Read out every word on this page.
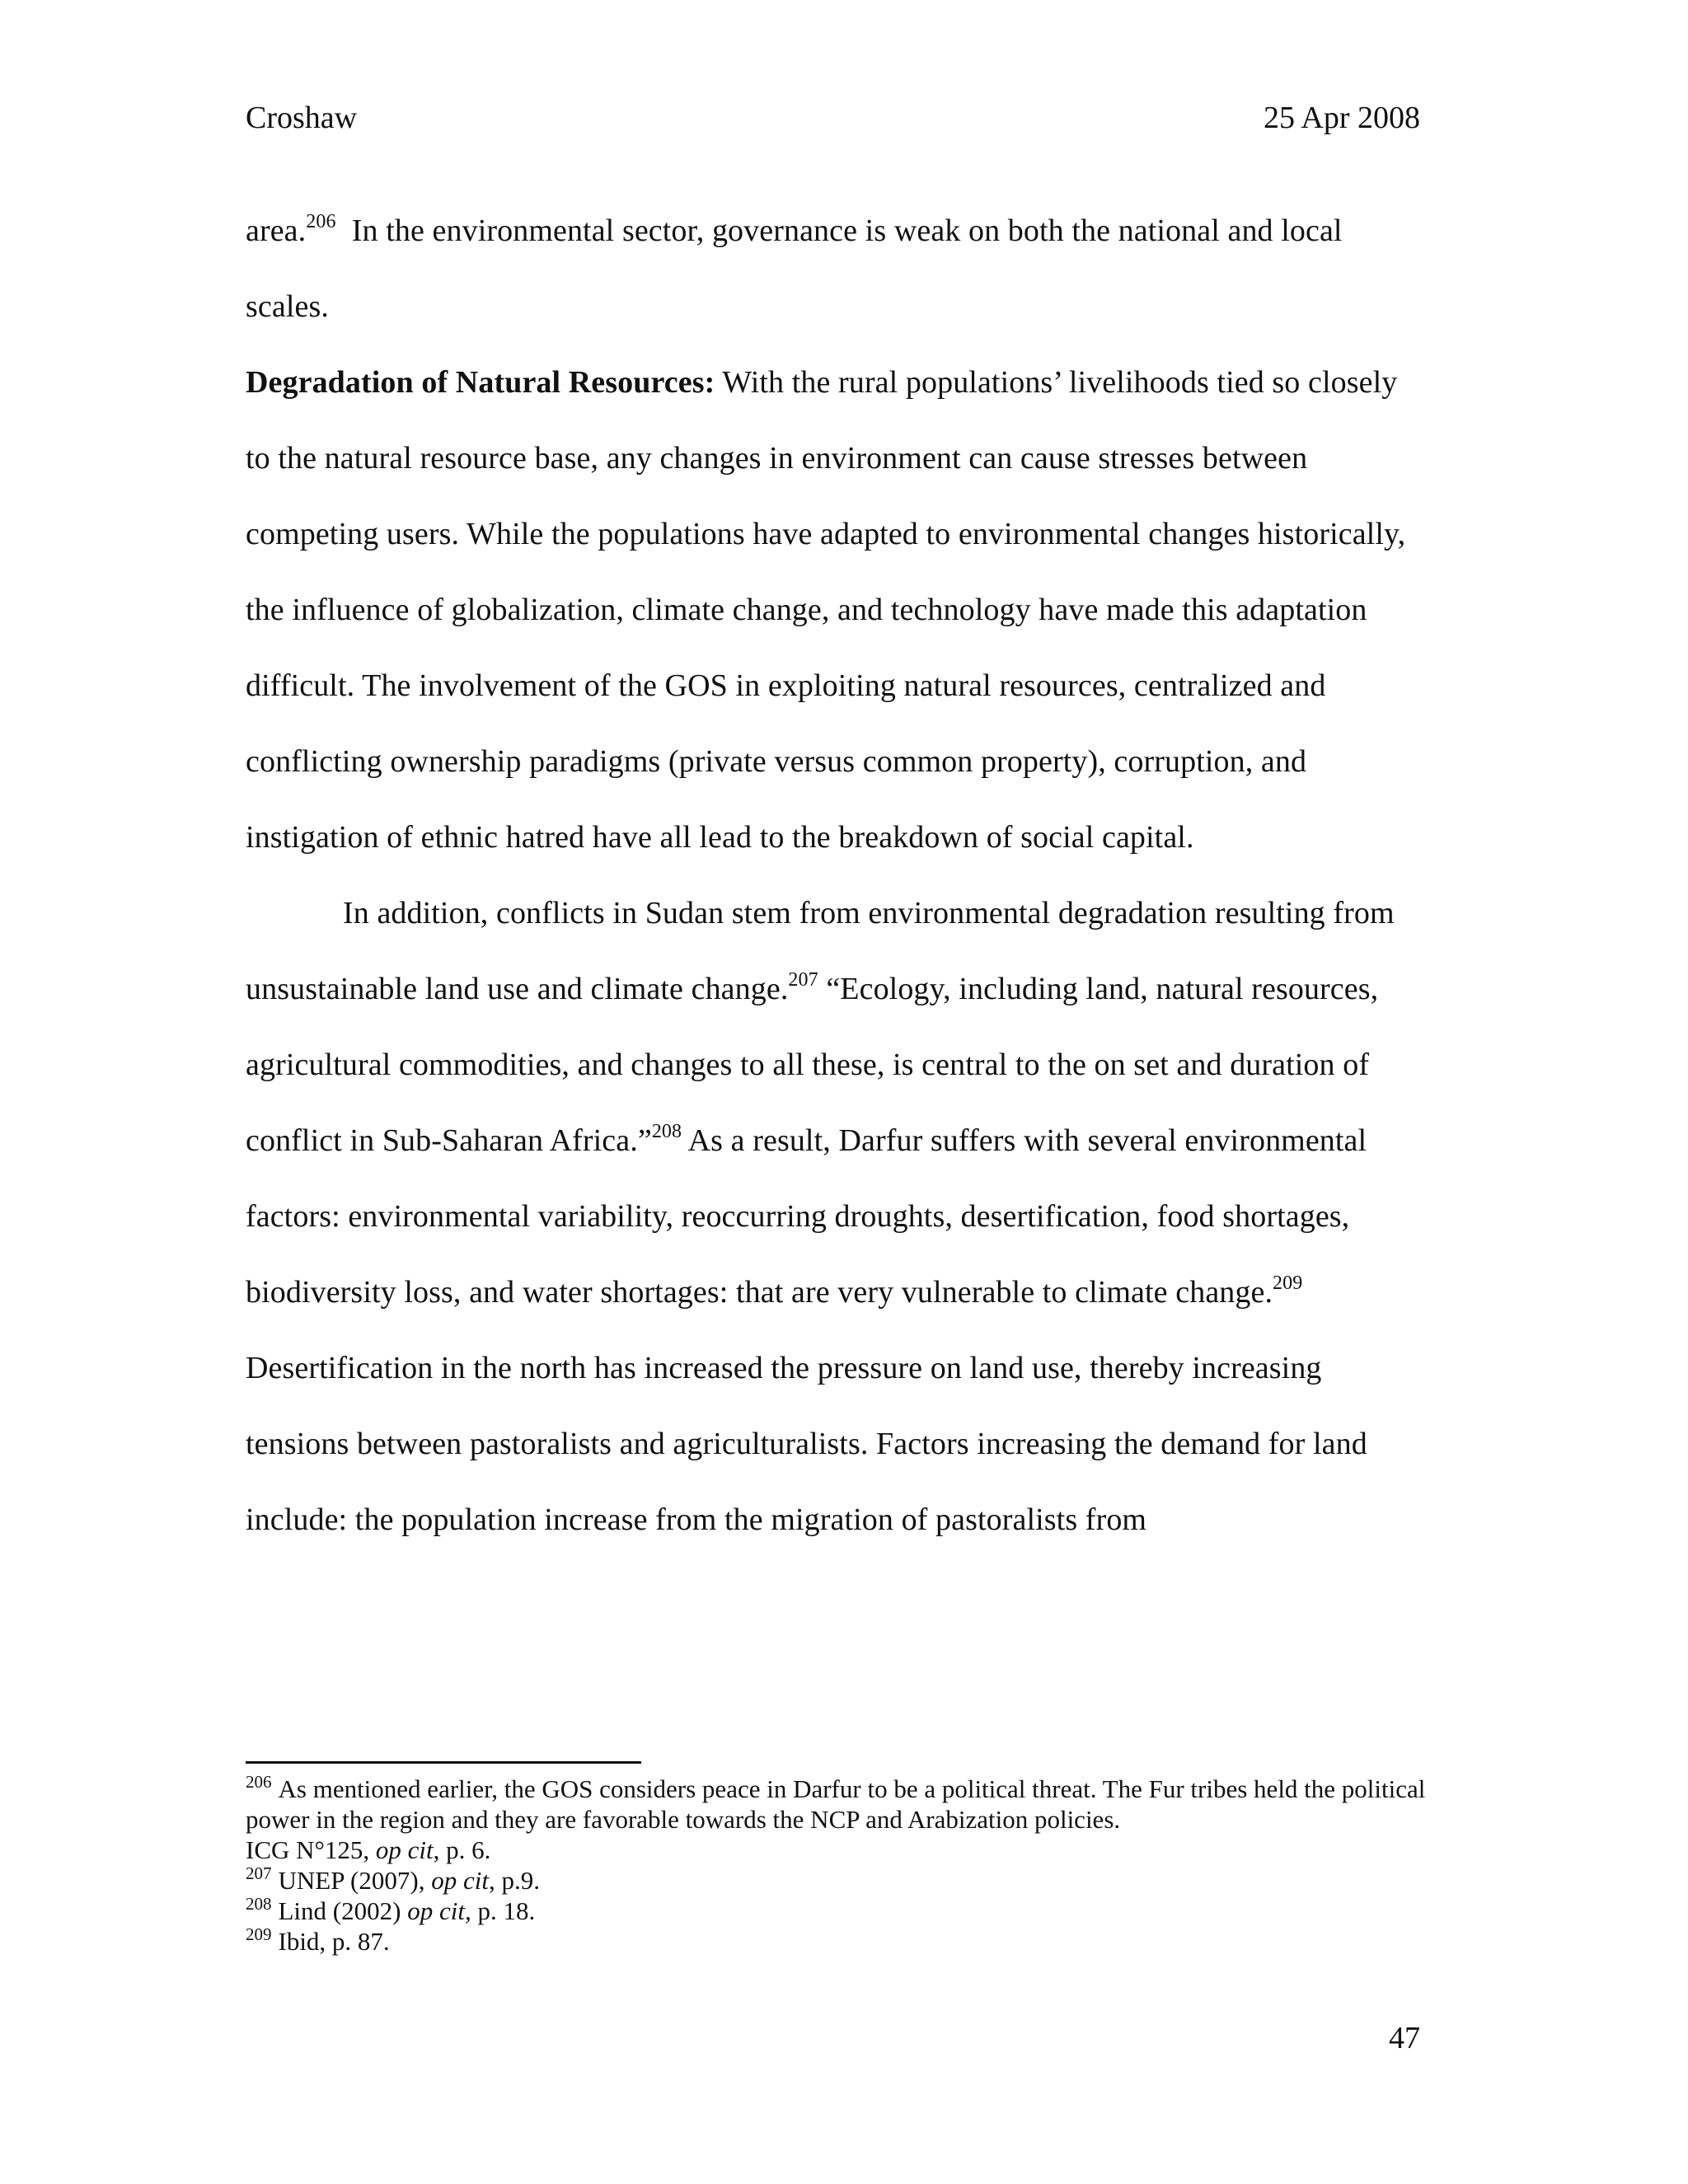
Croshaw	25 Apr 2008

area.$^{206}$  In the environmental sector, governance is weak on both the national and local scales.

Degradation of Natural Resources: With the rural populations’ livelihoods tied so closely to the natural resource base, any changes in environment can cause stresses between competing users. While the populations have adapted to environmental changes historically, the influence of globalization, climate change, and technology have made this adaptation difficult. The involvement of the GOS in exploiting natural resources, centralized and conflicting ownership paradigms (private versus common property), corruption, and instigation of ethnic hatred have all lead to the breakdown of social capital.

In addition, conflicts in Sudan stem from environmental degradation resulting from unsustainable land use and climate change.$^{207}$ “Ecology, including land, natural resources, agricultural commodities, and changes to all these, is central to the on set and duration of conflict in Sub-Saharan Africa.”$^{208}$ As a result, Darfur suffers with several environmental factors: environmental variability, reoccurring droughts, desertification, food shortages, biodiversity loss, and water shortages: that are very vulnerable to climate change.$^{209}$ Desertification in the north has increased the pressure on land use, thereby increasing tensions between pastoralists and agriculturalists. Factors increasing the demand for land include: the population increase from the migration of pastoralists from

$^{206}$ As mentioned earlier, the GOS considers peace in Darfur to be a political threat. The Fur tribes held the political power in the region and they are favorable towards the NCP and Arabization policies.

ICG N°125, op cit, p. 6.

$^{207}$ UNEP (2007), op cit, p.9.

$^{208}$ Lind (2002) op cit, p. 18.

$^{209}$ Ibid, p. 87.

47
